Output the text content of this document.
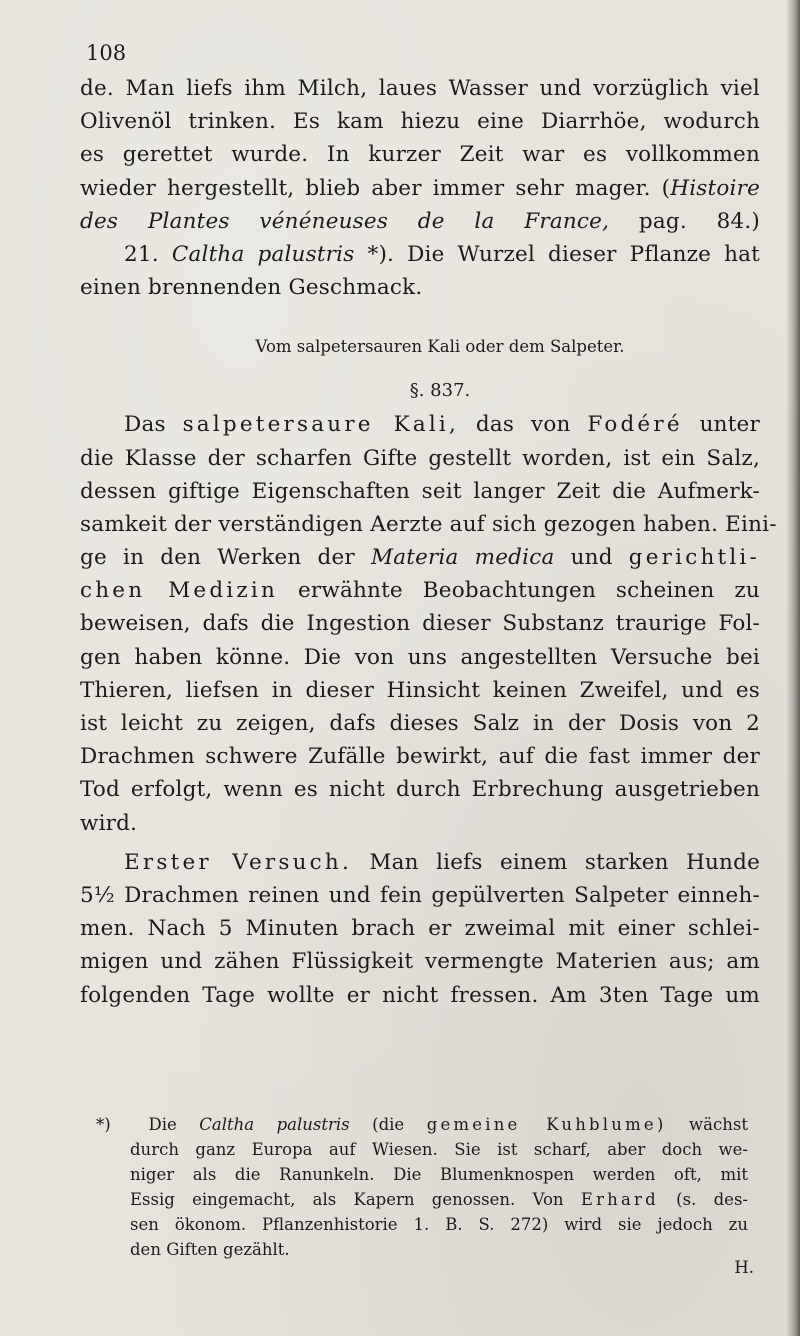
108
de. Man liefs ihm Milch, laues Wasser und vorzüglich viel
Olivenöl trinken. Es kam hiezu eine Diarrhöe, wodurch
es gerettet wurde. In kurzer Zeit war es vollkommen
wieder hergestellt, blieb aber immer sehr mager. (Histoire
des Plantes vénéneuses de la France, pag. 84.)
21. Caltha palustris *). Die Wurzel dieser Pflanze hat
einen brennenden Geschmack.
Vom salpetersauren Kali oder dem Salpeter.
§. 837.
Das salpetersaure Kali, das von Fodéré unter
die Klasse der scharfen Gifte gestellt worden, ist ein Salz,
dessen giftige Eigenschaften seit langer Zeit die Aufmerk-
samkeit der verständigen Aerzte auf sich gezogen haben. Eini-
ge in den Werken der Materia medica und gerichtli-
chen Medizin erwähnte Beobachtungen scheinen zu
beweisen, dafs die Ingestion dieser Substanz traurige Fol-
gen haben könne. Die von uns angestellten Versuche bei
Thieren, liefsen in dieser Hinsicht keinen Zweifel, und es
ist leicht zu zeigen, dafs dieses Salz in der Dosis von 2
Drachmen schwere Zufälle bewirkt, auf die fast immer der
Tod erfolgt, wenn es nicht durch Erbrechung ausgetrieben
wird.
Erster Versuch. Man liefs einem starken Hunde
5½ Drachmen reinen und fein gepülverten Salpeter einneh-
men. Nach 5 Minuten brach er zweimal mit einer schlei-
migen und zähen Flüssigkeit vermengte Materien aus; am
folgenden Tage wollte er nicht fressen. Am 3ten Tage um
*) Die Caltha palustris (die gemeine Kuhblume) wächst
durch ganz Europa auf Wiesen. Sie ist scharf, aber doch we-
niger als die Ranunkeln. Die Blumenknospen werden oft, mit
Essig eingemacht, als Kapern genossen. Von Erhard (s. des-
sen ökonom. Pflanzenhistorie 1. B. S. 272) wird sie jedoch zu
den Giften gezählt.
H.
